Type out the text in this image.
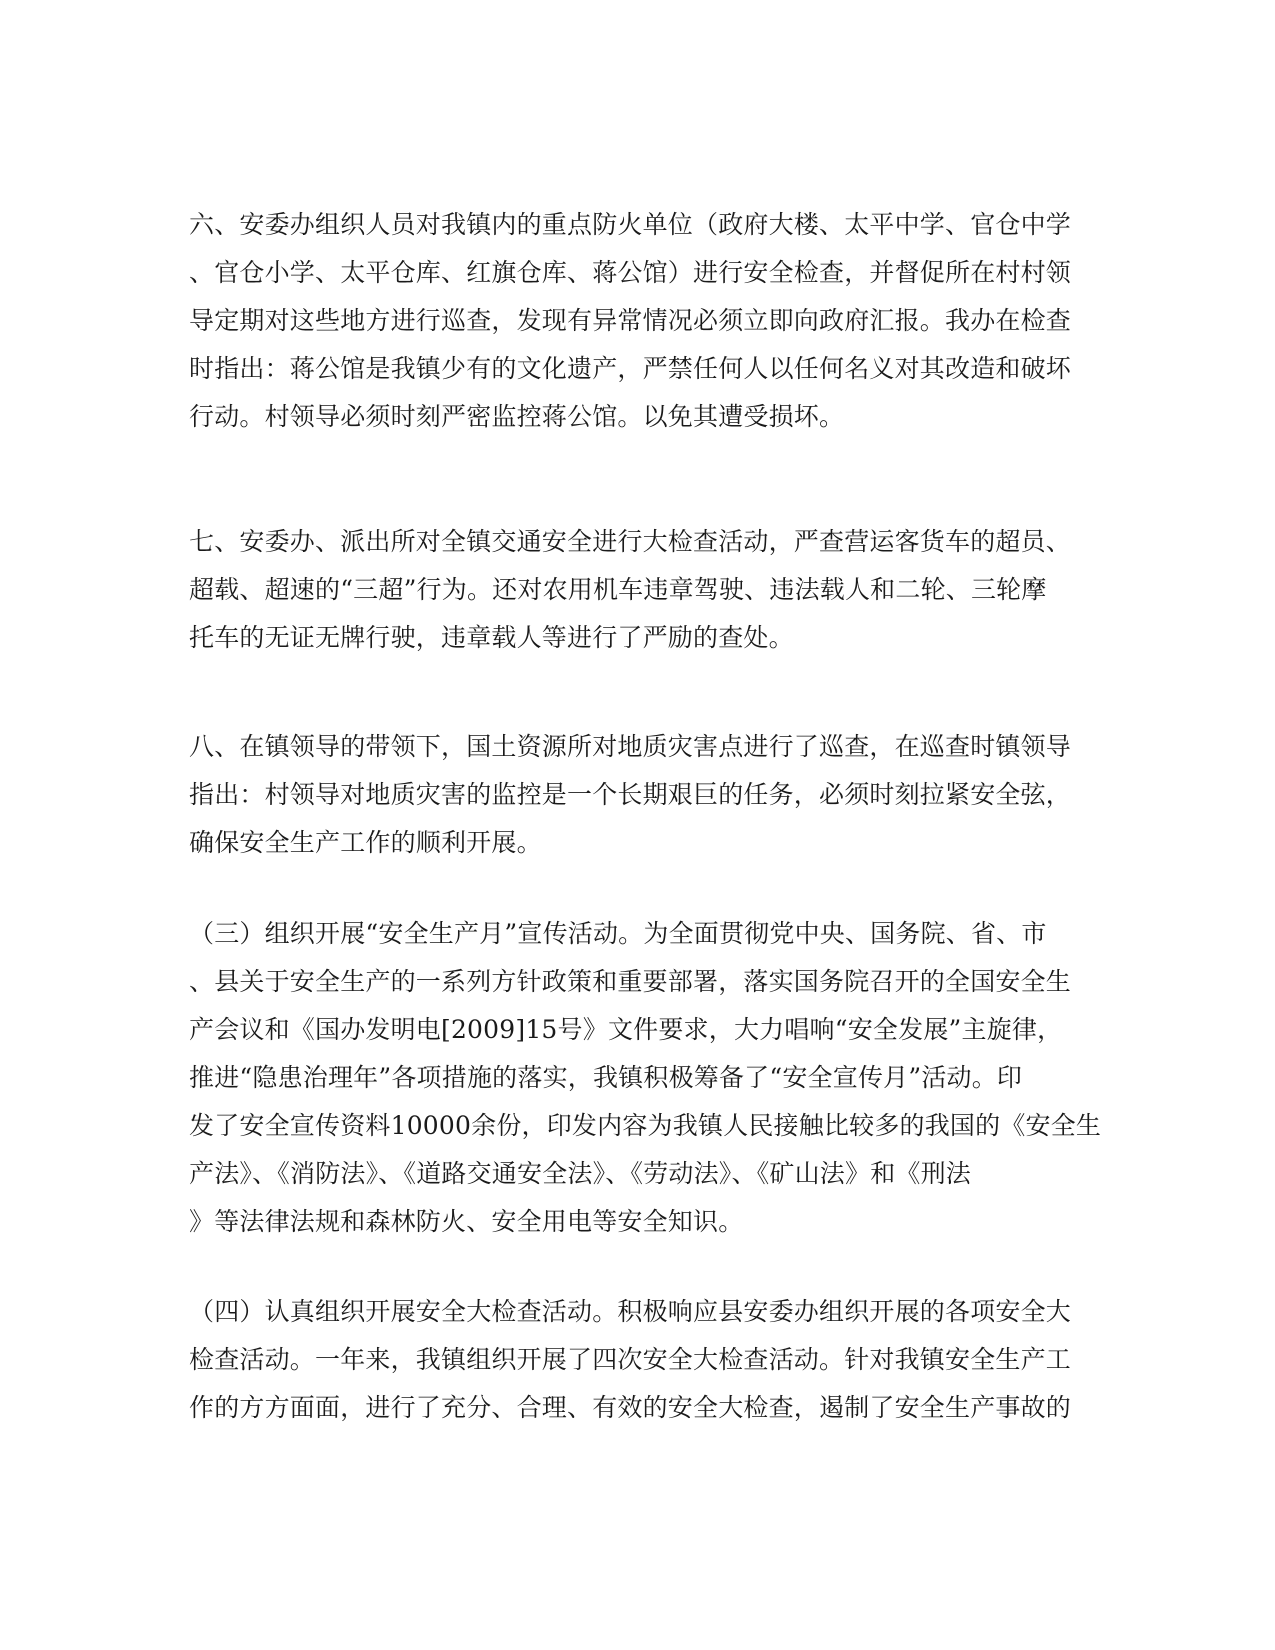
六、安委办组织人员对我镇内的重点防火单位（政府大楼、太平中学、官仓中学
、官仓小学、太平仓库、红旗仓库、蒋公馆）进行安全检查，并督促所在村村领
导定期对这些地方进行巡查，发现有异常情况必须立即向政府汇报。我办在检查
时指出：蒋公馆是我镇少有的文化遗产，严禁任何人以任何名义对其改造和破坏
行动。村领导必须时刻严密监控蒋公馆。以免其遭受损坏。
七、安委办、派出所对全镇交通安全进行大检查活动，严查营运客货车的超员、
超载、超速的“三超”行为。还对农用机车违章驾驶、违法载人和二轮、三轮摩
托车的无证无牌行驶，违章载人等进行了严励的查处。
八、在镇领导的带领下，国土资源所对地质灾害点进行了巡查，在巡查时镇领导
指出：村领导对地质灾害的监控是一个长期艰巨的任务，必须时刻拉紧安全弦，
确保安全生产工作的顺利开展。
（三）组织开展“安全生产月”宣传活动。为全面贯彻党中央、国务院、省、市
、县关于安全生产的一系列方针政策和重要部署，落实国务院召开的全国安全生
产会议和《国办发明电[2009]15号》文件要求，大力唱响“安全发展”主旋律，
推进“隐患治理年”各项措施的落实，我镇积极筹备了“安全宣传月”活动。印
发了安全宣传资料10000余份，印发内容为我镇人民接触比较多的我国的《安全生
产法》、《消防法》、《道路交通安全法》、《劳动法》、《矿山法》和《刑法
》等法律法规和森林防火、安全用电等安全知识。
（四）认真组织开展安全大检查活动。积极响应县安委办组织开展的各项安全大
检查活动。一年来，我镇组织开展了四次安全大检查活动。针对我镇安全生产工
作的方方面面，进行了充分、合理、有效的安全大检查，遏制了安全生产事故的
